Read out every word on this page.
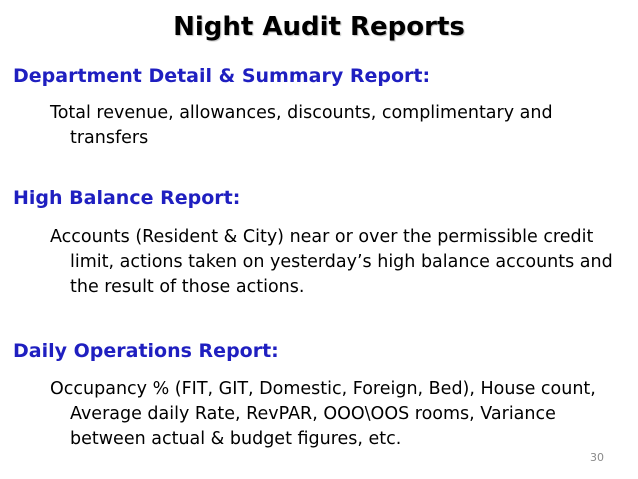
Night Audit Reports
Department Detail & Summary Report:

Total revenue, allowances, discounts, complimentary and transfers

High Balance Report:

Accounts (Resident & City) near or over the permissible credit limit, actions taken on yesterday’s high balance accounts and the result of those actions.

Daily Operations Report:

Occupancy % (FIT, GIT, Domestic, Foreign, Bed), House count, Average daily Rate, RevPAR, OOO\OOS rooms, Variance between actual & budget figures, etc.

30
